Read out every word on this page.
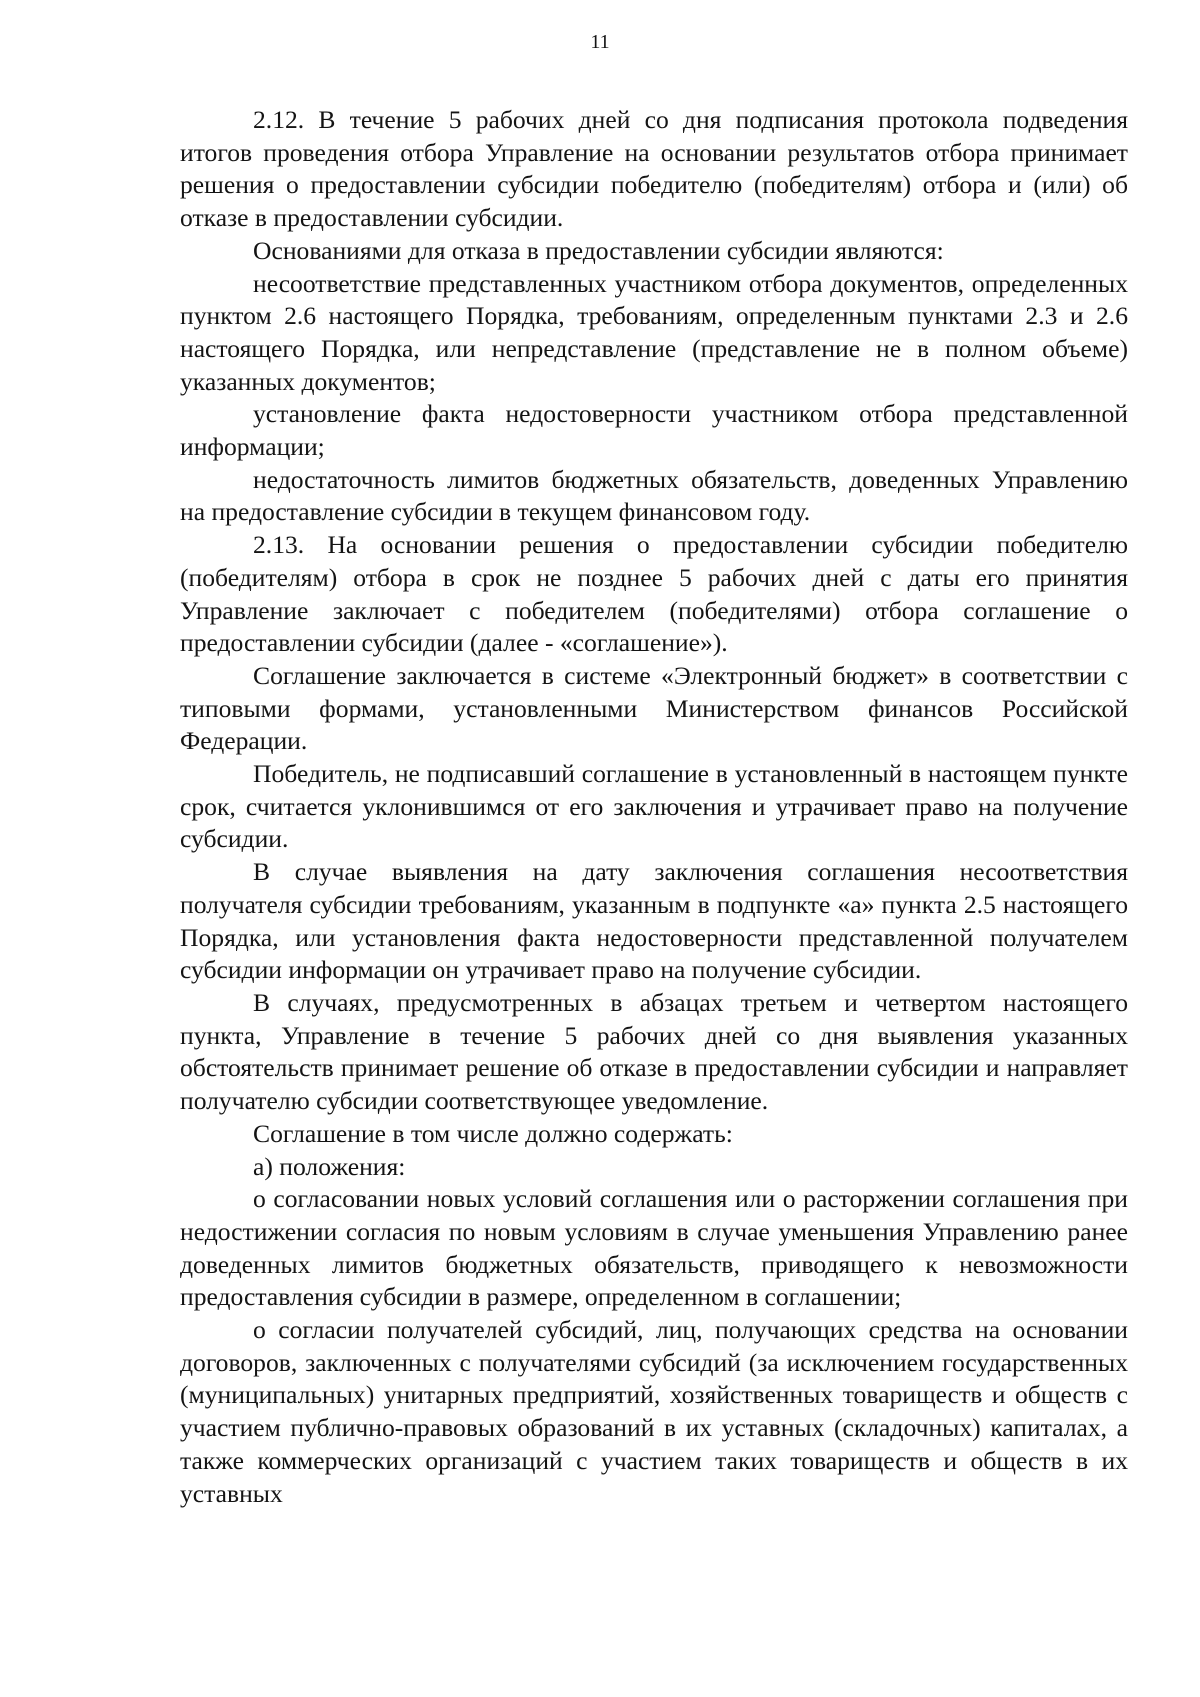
11

2.12. В течение 5 рабочих дней со дня подписания протокола подведения итогов проведения отбора Управление на основании результатов отбора принимает решения о предоставлении субсидии победителю (победителям) отбора и (или) об отказе в предоставлении субсидии.

Основаниями для отказа в предоставлении субсидии являются:

несоответствие представленных участником отбора документов, определенных пунктом 2.6 настоящего Порядка, требованиям, определенным пунктами 2.3 и 2.6 настоящего Порядка, или непредставление (представление не в полном объеме) указанных документов;

установление факта недостоверности участником отбора представленной информации;

недостаточность лимитов бюджетных обязательств, доведенных Управлению на предоставление субсидии в текущем финансовом году.

2.13. На основании решения о предоставлении субсидии победителю (победителям) отбора в срок не позднее 5 рабочих дней с даты его принятия Управление заключает с победителем (победителями) отбора соглашение о предоставлении субсидии (далее - «соглашение»).

Соглашение заключается в системе «Электронный бюджет» в соответствии с типовыми формами, установленными Министерством финансов Российской Федерации.

Победитель, не подписавший соглашение в установленный в настоящем пункте срок, считается уклонившимся от его заключения и утрачивает право на получение субсидии.

В случае выявления на дату заключения соглашения несоответствия получателя субсидии требованиям, указанным в подпункте «а» пункта 2.5 настоящего Порядка, или установления факта недостоверности представленной получателем субсидии информации он утрачивает право на получение субсидии.

В случаях, предусмотренных в абзацах третьем и четвертом настоящего пункта, Управление в течение 5 рабочих дней со дня выявления указанных обстоятельств принимает решение об отказе в предоставлении субсидии и направляет получателю субсидии соответствующее уведомление.

Соглашение в том числе должно содержать:

а) положения:

о согласовании новых условий соглашения или о расторжении соглашения при недостижении согласия по новым условиям в случае уменьшения Управлению ранее доведенных лимитов бюджетных обязательств, приводящего к невозможности предоставления субсидии в размере, определенном в соглашении;

о согласии получателей субсидий, лиц, получающих средства на основании договоров, заключенных с получателями субсидий (за исключением государственных (муниципальных) унитарных предприятий, хозяйственных товариществ и обществ с участием публично-правовых образований в их уставных (складочных) капиталах, а также коммерческих организаций с участием таких товариществ и обществ в их уставных
